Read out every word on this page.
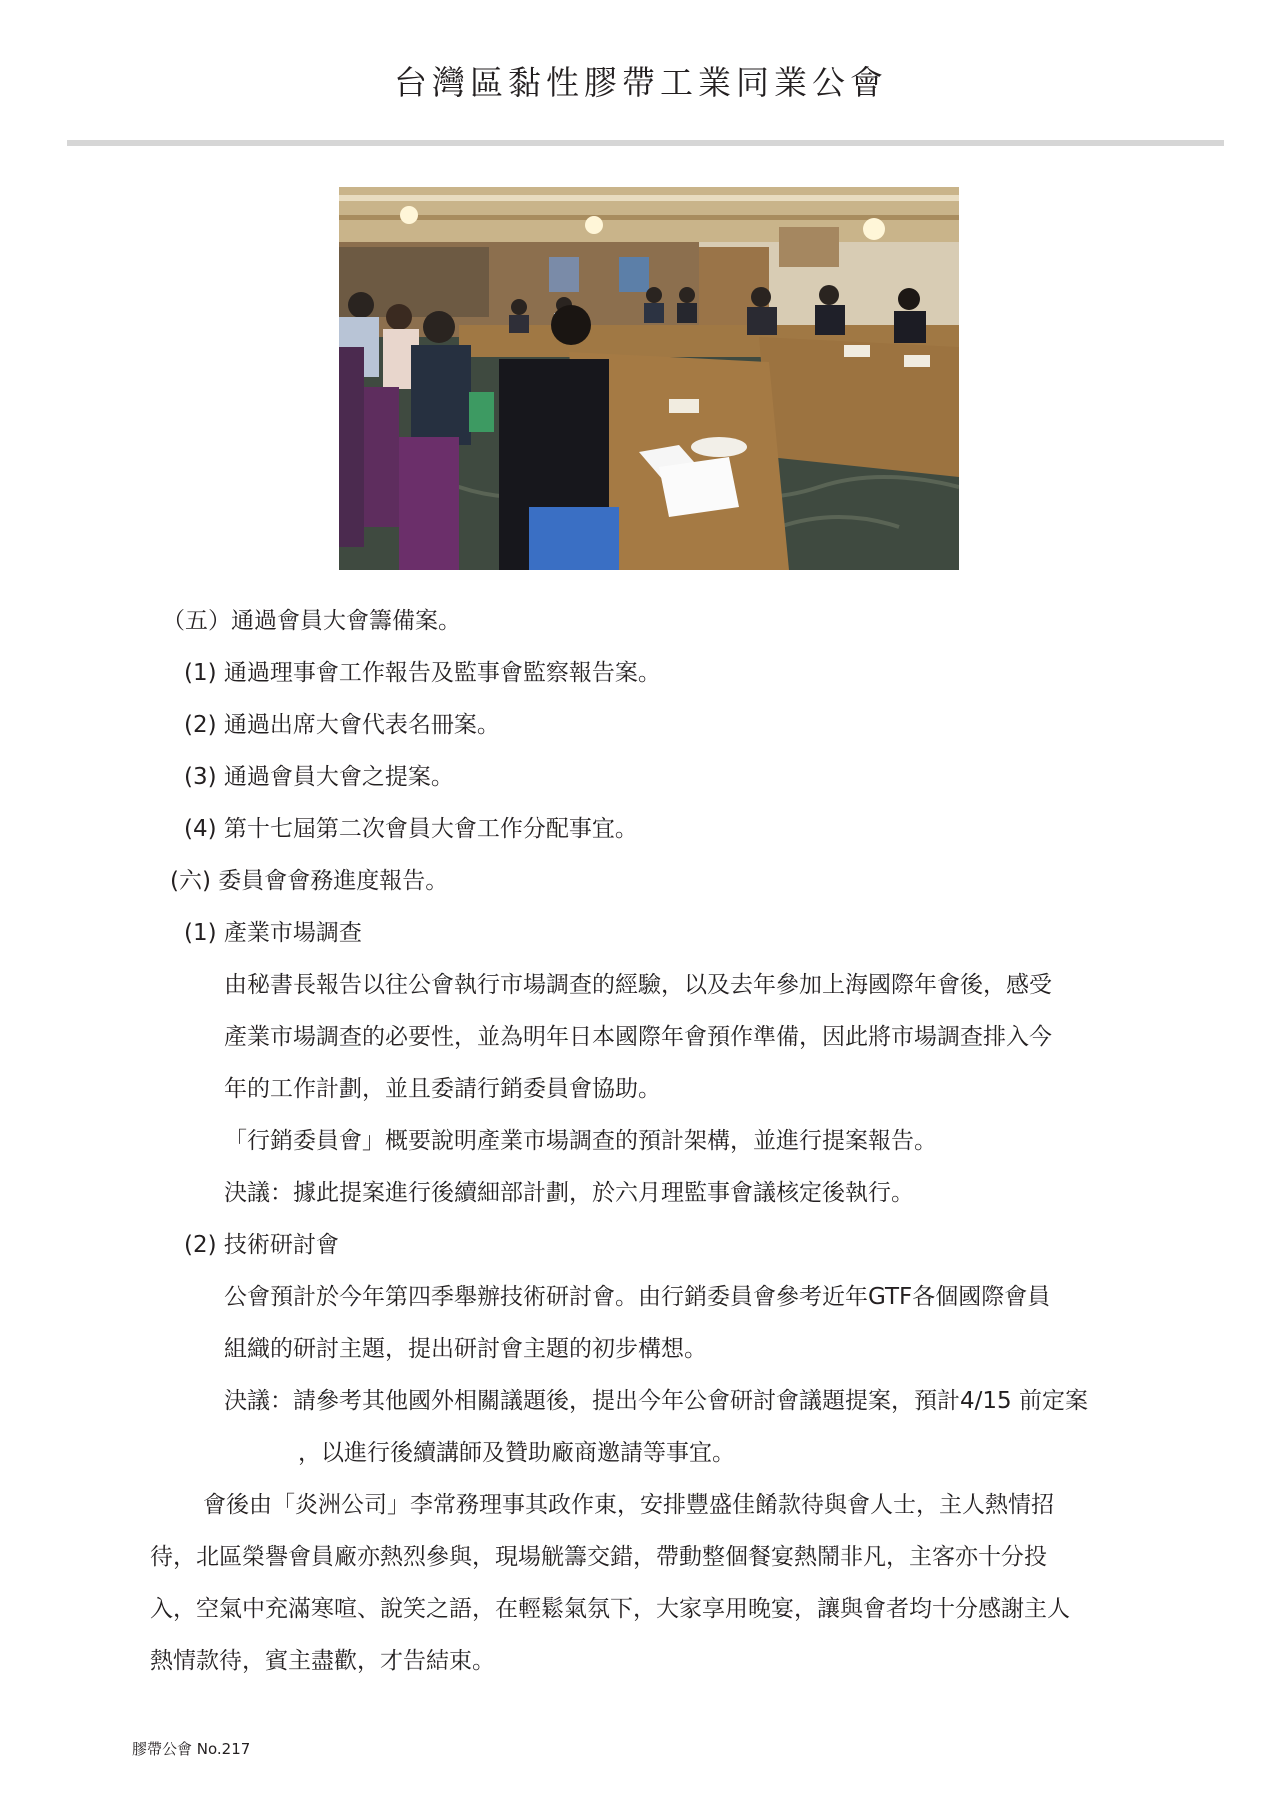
台灣區黏性膠帶工業同業公會
（五）通過會員大會籌備案。
(1) 通過理事會工作報告及監事會監察報告案。
(2) 通過出席大會代表名冊案。
(3) 通過會員大會之提案。
(4) 第十七屆第二次會員大會工作分配事宜。
(六) 委員會會務進度報告。
(1) 產業市場調查
由秘書長報告以往公會執行市場調查的經驗，以及去年參加上海國際年會後，感受
產業市場調查的必要性，並為明年日本國際年會預作準備，因此將市場調查排入今
年的工作計劃，並且委請行銷委員會協助。
「行銷委員會」概要說明產業市場調查的預計架構，並進行提案報告。
決議：據此提案進行後續細部計劃，於六月理監事會議核定後執行。
(2) 技術研討會
公會預計於今年第四季舉辦技術研討會。由行銷委員會參考近年GTF各個國際會員
組織的研討主題，提出研討會主題的初步構想。
決議：請參考其他國外相關議題後，提出今年公會研討會議題提案，預計4/15 前定案
，以進行後續講師及贊助廠商邀請等事宜。
會後由「炎洲公司」李常務理事其政作東，安排豐盛佳餚款待與會人士，主人熱情招
待，北區榮譽會員廠亦熱烈參與，現場觥籌交錯，帶動整個餐宴熱鬧非凡，主客亦十分投
入，空氣中充滿寒喧、說笑之語，在輕鬆氣氛下，大家享用晚宴，讓與會者均十分感謝主人
熱情款待，賓主盡歡，才告結束。
膠帶公會 No.217
